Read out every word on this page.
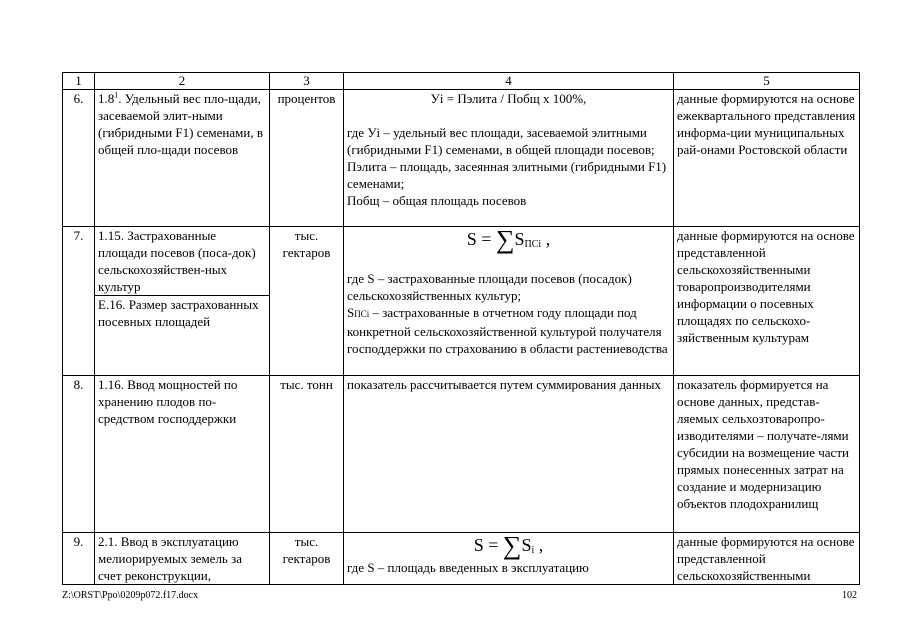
1	2	3	4	5
6.	$1.8^1$. Удельный вес пло-щади, засеваемой элит-ными (гибридными F1) семенами, в общей пло-щади посевов	процентов	Уi = Пэлита / Побщ х 100%,
где Уi – удельный вес площади, засеваемой элитными (гибридными F1) семенами, в общей площади посевов;
Пэлита – площадь, засеянная элитными (гибридными F1) семенами;
Побщ – общая площадь посевов	данные формируются на основе ежеквартального представления информа-ции муниципальных рай-онами Ростовской области
7.	1.15. Застрахованные площади посевов (посa-док) сельскохозяйствен-ных культур	тыс. гектаров	$S = \sum S_{ПСi}$ ,
где S – застрахованные площади посевов (посадок) сельскохозяйственных культур;
SПСi – застрахованные в отчетном году площади под конкретной сельскохозяйственной культурой получателя господдержки по страхованию в области растениеводства	данные формируются на основе представленной сельскохозяйственными товаропроизводителями информации о посевных площадях по сельскохо-зяйственным культурам
	Е.16. Размер застрахованных посевных площадей			
8.	1.16. Ввод мощностей по хранению плодов по-средством господдержки	тыс. тонн	показатель рассчитывается путем суммирования данных	показатель формируется на основе данных, представ-ляемых сельхозтоваропро-изводителями – получате-лями субсидии на возмещение части прямых понесенных затрат на создание и модернизацию объектов плодохранилищ
9.	2.1. Ввод в эксплуатацию мелиорируемых земель за счет реконструкции,	тыс. гектаров	$S = \sum S_i$ ,
где S – площадь введенных в эксплуатацию	данные формируются на основе представленной сельскохозяйственными
Z:\ORST\Ppo\0209p072.f17.docx	102
